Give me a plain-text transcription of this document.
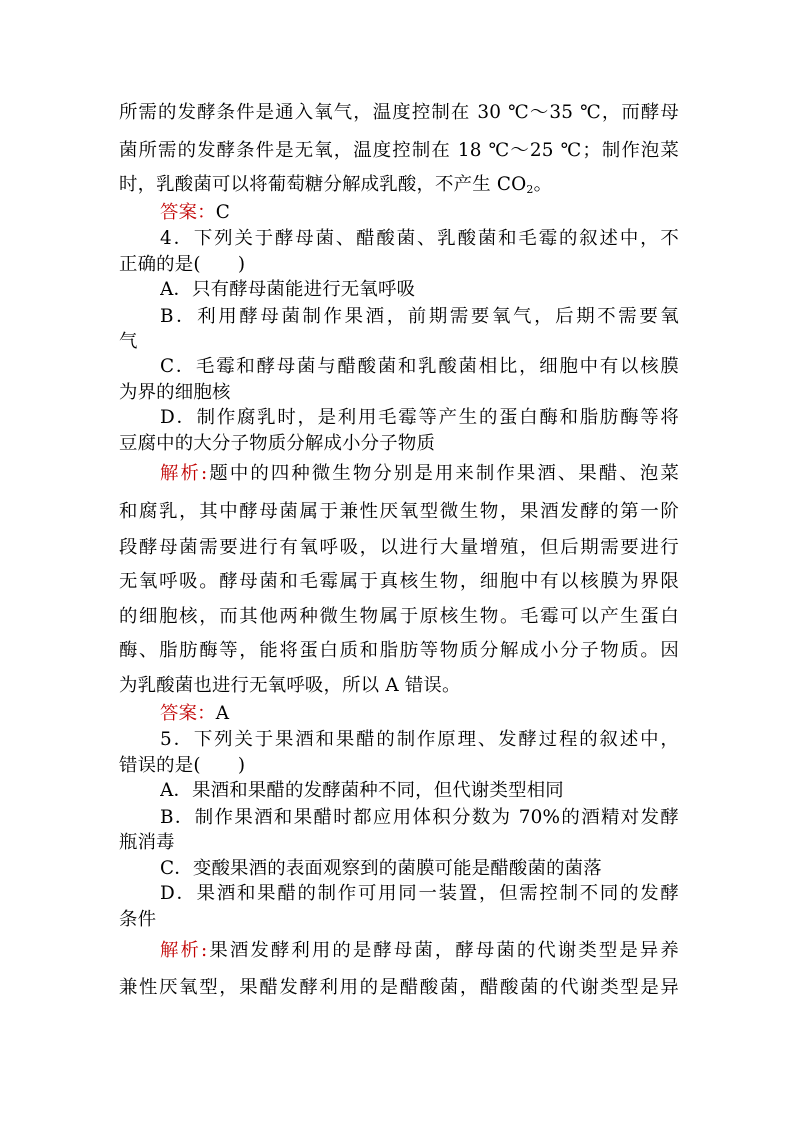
所需的发酵条件是通入氧气，温度控制在 30 ℃～35 ℃，而酵母
菌所需的发酵条件是无氧，温度控制在 18 ℃～25 ℃；制作泡菜
时，乳酸菌可以将葡萄糖分解成乳酸，不产生 $CO_2$。
答案：C
4．下列关于酵母菌、醋酸菌、乳酸菌和毛霉的叙述中，不
正确的是(　　)
A．只有酵母菌能进行无氧呼吸
B．利用酵母菌制作果酒，前期需要氧气，后期不需要氧
气
C．毛霉和酵母菌与醋酸菌和乳酸菌相比，细胞中有以核膜
为界的细胞核
D．制作腐乳时，是利用毛霉等产生的蛋白酶和脂肪酶等将
豆腐中的大分子物质分解成小分子物质
解析:题中的四种微生物分别是用来制作果酒、果醋、泡菜
和腐乳，其中酵母菌属于兼性厌氧型微生物，果酒发酵的第一阶
段酵母菌需要进行有氧呼吸，以进行大量增殖，但后期需要进行
无氧呼吸。酵母菌和毛霉属于真核生物，细胞中有以核膜为界限
的细胞核，而其他两种微生物属于原核生物。毛霉可以产生蛋白
酶、脂肪酶等，能将蛋白质和脂肪等物质分解成小分子物质。因
为乳酸菌也进行无氧呼吸，所以 A 错误。
答案：A
5．下列关于果酒和果醋的制作原理、发酵过程的叙述中，
错误的是(　　)
A．果酒和果醋的发酵菌种不同，但代谢类型相同
B．制作果酒和果醋时都应用体积分数为 70%的酒精对发酵
瓶消毒
C．变酸果酒的表面观察到的菌膜可能是醋酸菌的菌落
D．果酒和果醋的制作可用同一装置，但需控制不同的发酵
条件
解析:果酒发酵利用的是酵母菌，酵母菌的代谢类型是异养
兼性厌氧型，果醋发酵利用的是醋酸菌，醋酸菌的代谢类型是异
